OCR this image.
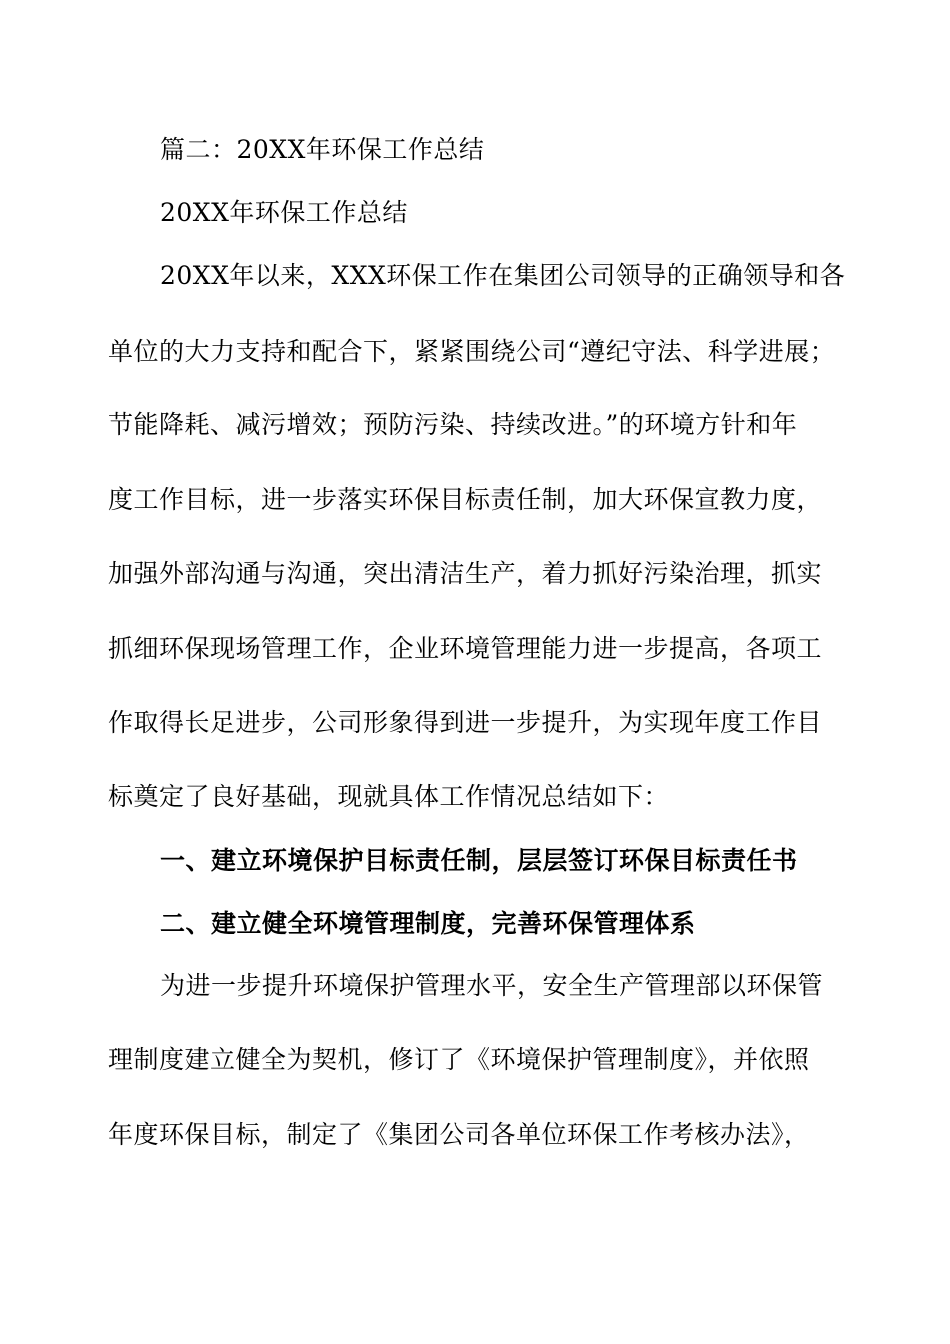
篇二：20XX年环保工作总结
20XX年环保工作总结
20XX年以来，XXX环保工作在集团公司领导的正确领导和各
单位的大力支持和配合下，紧紧围绕公司“遵纪守法、科学进展；
节能降耗、减污增效；预防污染、持续改进。”的环境方针和年
度工作目标，进一步落实环保目标责任制，加大环保宣教力度，
加强外部沟通与沟通，突出清洁生产，着力抓好污染治理，抓实
抓细环保现场管理工作，企业环境管理能力进一步提高，各项工
作取得长足进步，公司形象得到进一步提升，为实现年度工作目
标奠定了良好基础，现就具体工作情况总结如下：
一、建立环境保护目标责任制，层层签订环保目标责任书
二、建立健全环境管理制度，完善环保管理体系
为进一步提升环境保护管理水平，安全生产管理部以环保管
理制度建立健全为契机，修订了《环境保护管理制度》，并依照
年度环保目标，制定了《集团公司各单位环保工作考核办法》，
